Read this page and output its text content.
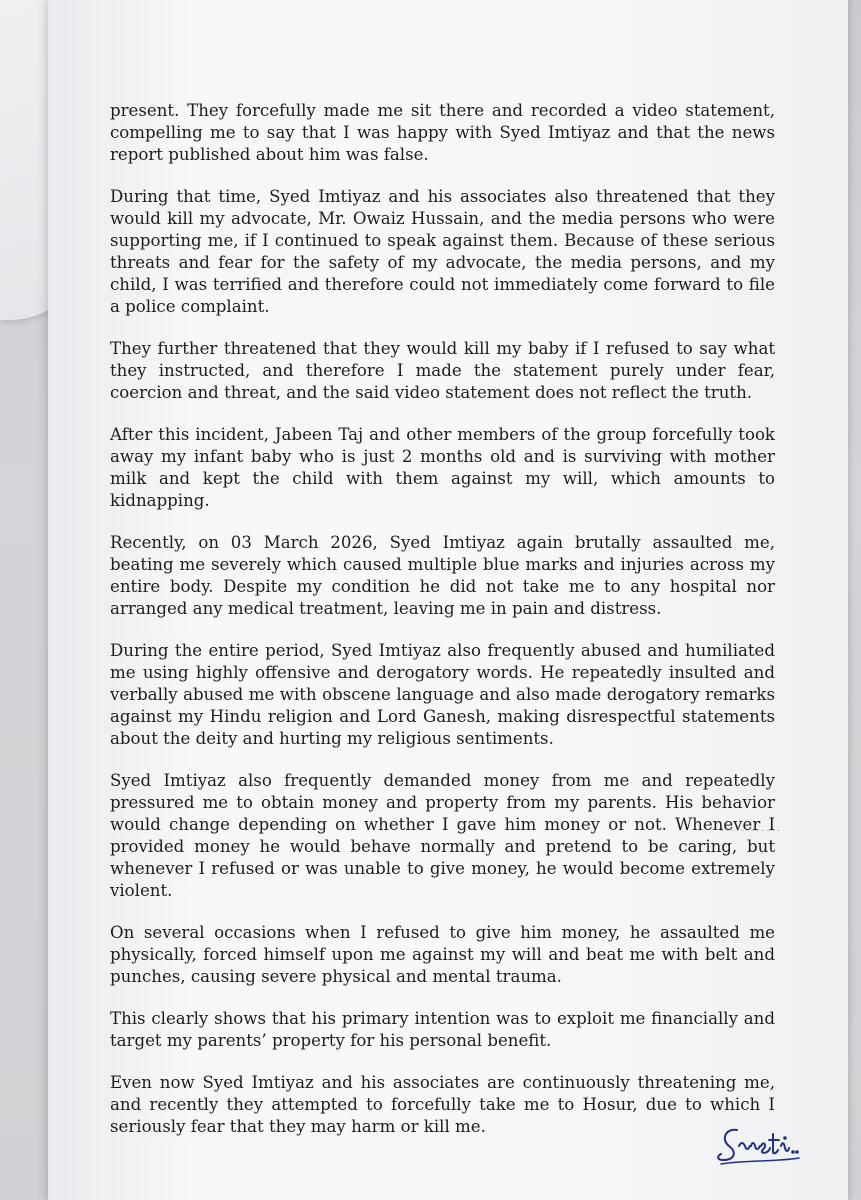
present. They forcefully made me sit there and recorded a video statement, compelling me to say that I was happy with Syed Imtiyaz and that the news report published about him was false.

During that time, Syed Imtiyaz and his associates also threatened that they would kill my advocate, Mr. Owaiz Hussain, and the media persons who were supporting me, if I continued to speak against them. Because of these serious threats and fear for the safety of my advocate, the media persons, and my child, I was terrified and therefore could not immediately come forward to file a police complaint.

They further threatened that they would kill my baby if I refused to say what they instructed, and therefore I made the statement purely under fear, coercion and threat, and the said video statement does not reflect the truth.

After this incident, Jabeen Taj and other members of the group forcefully took away my infant baby who is just 2 months old and is surviving with mother milk and kept the child with them against my will, which amounts to kidnapping.

Recently, on 03 March 2026, Syed Imtiyaz again brutally assaulted me, beating me severely which caused multiple blue marks and injuries across my entire body. Despite my condition he did not take me to any hospital nor arranged any medical treatment, leaving me in pain and distress.

During the entire period, Syed Imtiyaz also frequently abused and humiliated me using highly offensive and derogatory words. He repeatedly insulted and verbally abused me with obscene language and also made derogatory remarks against my Hindu religion and Lord Ganesh, making disrespectful statements about the deity and hurting my religious sentiments.

Syed Imtiyaz also frequently demanded money from me and repeatedly pressured me to obtain money and property from my parents. His behavior would change depending on whether I gave him money or not. Whenever I provided money he would behave normally and pretend to be caring, but whenever I refused or was unable to give money, he would become extremely violent.

On several occasions when I refused to give him money, he assaulted me physically, forced himself upon me against my will and beat me with belt and punches, causing severe physical and mental trauma.

This clearly shows that his primary intention was to exploit me financially and target my parents’ property for his personal benefit.

Even now Syed Imtiyaz and his associates are continuously threatening me, and recently they attempted to forcefully take me to Hosur, due to which I seriously fear that they may harm or kill me.
